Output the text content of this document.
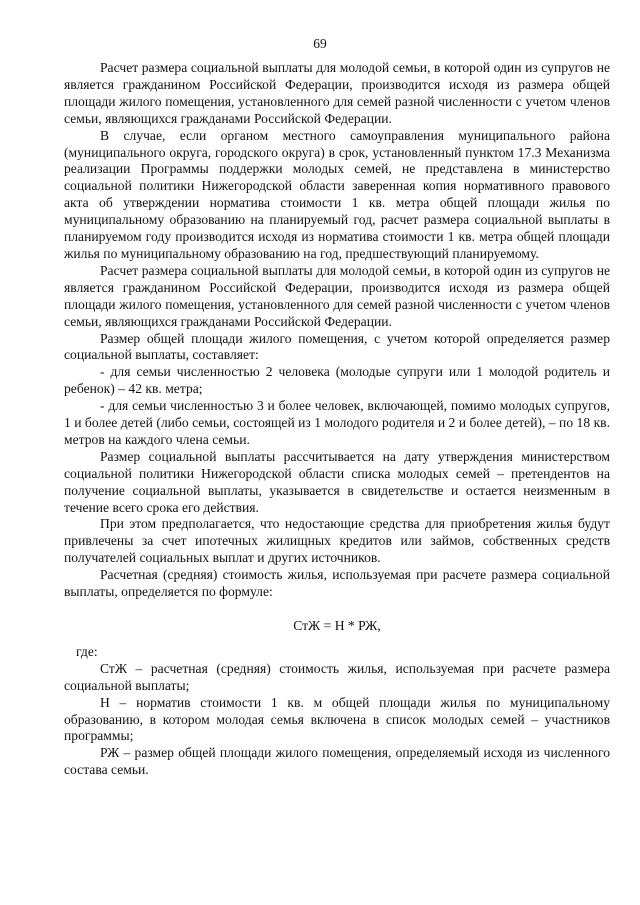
69

Расчет размера социальной выплаты для молодой семьи, в которой один из супругов не является гражданином Российской Федерации, производится исходя из размера общей площади жилого помещения, установленного для семей разной численности с учетом членов семьи, являющихся гражданами Российской Федерации.

В случае, если органом местного самоуправления муниципального района (муниципального округа, городского округа) в срок, установленный пунктом 17.3 Механизма реализации Программы поддержки молодых семей, не представлена в министерство социальной политики Нижегородской области заверенная копия нормативного правового акта об утверждении норматива стоимости 1 кв. метра общей площади жилья по муниципальному образованию на планируемый год, расчет размера социальной выплаты в планируемом году производится исходя из норматива стоимости 1 кв. метра общей площади жилья по муниципальному образованию на год, предшествующий планируемому.

Расчет размера социальной выплаты для молодой семьи, в которой один из супругов не является гражданином Российской Федерации, производится исходя из размера общей площади жилого помещения, установленного для семей разной численности с учетом членов семьи, являющихся гражданами Российской Федерации.

Размер общей площади жилого помещения, с учетом которой определяется размер социальной выплаты, составляет:

- для семьи численностью 2 человека (молодые супруги или 1 молодой родитель и ребенок) – 42 кв. метра;

- для семьи численностью 3 и более человек, включающей, помимо молодых супругов, 1 и более детей (либо семьи, состоящей из 1 молодого родителя и 2 и более детей), – по 18 кв. метров на каждого члена семьи.

Размер социальной выплаты рассчитывается на дату утверждения министерством социальной политики Нижегородской области списка молодых семей – претендентов на получение социальной выплаты, указывается в свидетельстве и остается неизменным в течение всего срока его действия.

При этом предполагается, что недостающие средства для приобретения жилья будут привлечены за счет ипотечных жилищных кредитов или займов, собственных средств получателей социальных выплат и других источников.

Расчетная (средняя) стоимость жилья, используемая при расчете размера социальной выплаты, определяется по формуле:

СтЖ = Н * РЖ,

где:

СтЖ – расчетная (средняя) стоимость жилья, используемая при расчете размера социальной выплаты;

Н – норматив стоимости 1 кв. м общей площади жилья по муниципальному образованию, в котором молодая семья включена в список молодых семей – участников программы;

РЖ – размер общей площади жилого помещения, определяемый исходя из численного состава семьи.
